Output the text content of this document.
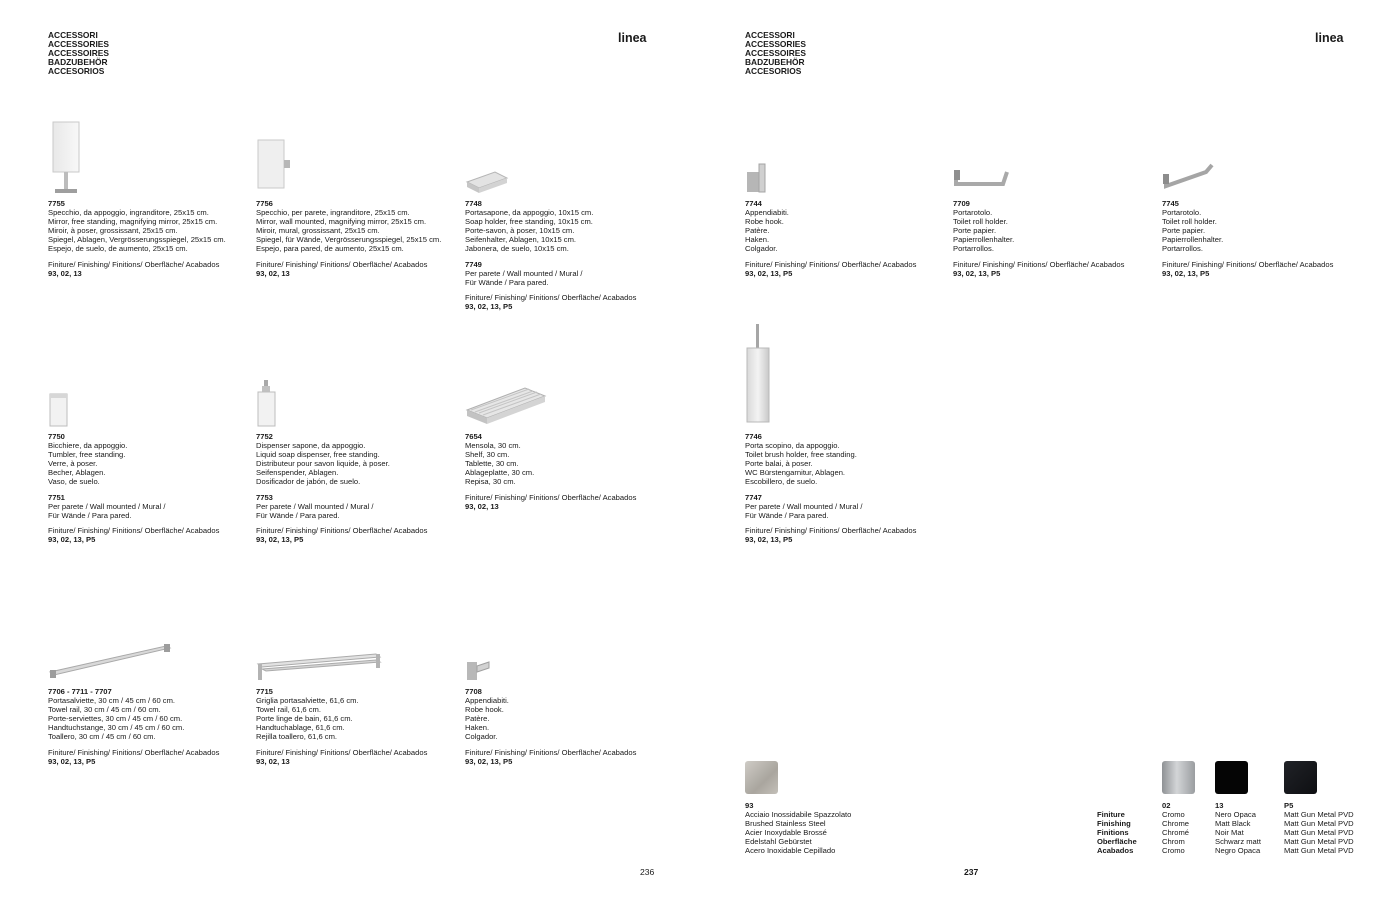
ACCESSORI
ACCESSORIES
ACCESSOIRES
BADZUBEHÖR
ACCESORIOS
linea
7755
Specchio, da appoggio, ingranditore, 25x15 cm.
Mirror, free standing, magnifying mirror, 25x15 cm.
Miroir, à poser, grossissant, 25x15 cm.
Spiegel, Ablagen, Vergrösserungsspiegel, 25x15 cm.
Espejo, de suelo, de aumento, 25x15 cm.
Finiture/ Finishing/ Finitions/ Oberfläche/ Acabados
93, 02, 13
7756
Specchio, per parete, ingranditore, 25x15 cm.
Mirror, wall mounted, magnifying mirror, 25x15 cm.
Miroir, mural, grossissant, 25x15 cm.
Spiegel, für Wände, Vergrösserungsspiegel, 25x15 cm.
Espejo, para pared, de aumento, 25x15 cm.
Finiture/ Finishing/ Finitions/ Oberfläche/ Acabados
93, 02, 13
7748
Portasapone, da appoggio, 10x15 cm.
Soap holder, free standing, 10x15 cm.
Porte-savon, à poser, 10x15 cm.
Seifenhalter, Ablagen, 10x15 cm.
Jabonera, de suelo, 10x15 cm.
7749
Per parete / Wall mounted / Mural /
Für Wände / Para pared.
Finiture/ Finishing/ Finitions/ Oberfläche/ Acabados
93, 02, 13, P5
7750
Bicchiere, da appoggio.
Tumbler, free standing.
Verre, à poser.
Becher, Ablagen.
Vaso, de suelo.
7751
Per parete / Wall mounted / Mural /
Für Wände / Para pared.
Finiture/ Finishing/ Finitions/ Oberfläche/ Acabados
93, 02, 13, P5
7752
Dispenser sapone, da appoggio.
Liquid soap dispenser, free standing.
Distributeur pour savon liquide, à poser.
Seifenspender, Ablagen.
Dosificador de jabón, de suelo.
7753
Per parete / Wall mounted / Mural /
Für Wände / Para pared.
Finiture/ Finishing/ Finitions/ Oberfläche/ Acabados
93, 02, 13, P5
7654
Mensola, 30 cm.
Shelf, 30 cm.
Tablette, 30 cm.
Ablageplatte, 30 cm.
Repisa, 30 cm.
Finiture/ Finishing/ Finitions/ Oberfläche/ Acabados
93, 02, 13
7706 - 7711 - 7707
Portasalviette, 30 cm / 45 cm / 60 cm.
Towel rail, 30 cm / 45 cm / 60 cm.
Porte-serviettes, 30 cm / 45 cm / 60 cm.
Handtuchstange, 30 cm / 45 cm / 60 cm.
Toallero, 30 cm / 45 cm / 60 cm.
Finiture/ Finishing/ Finitions/ Oberfläche/ Acabados
93, 02, 13, P5
7715
Griglia portasalviette, 61,6 cm.
Towel rail, 61,6 cm.
Porte linge de bain, 61,6 cm.
Handtuchablage, 61,6 cm.
Rejilla toallero, 61,6 cm.
Finiture/ Finishing/ Finitions/ Oberfläche/ Acabados
93, 02, 13
7708
Appendiabiti.
Robe hook.
Patère.
Haken.
Colgador.
Finiture/ Finishing/ Finitions/ Oberfläche/ Acabados
93, 02, 13, P5
236
ACCESSORI
ACCESSORIES
ACCESSOIRES
BADZUBEHÖR
ACCESORIOS
linea
7744
Appendiabiti.
Robe hook.
Patère.
Haken.
Colgador.
Finiture/ Finishing/ Finitions/ Oberfläche/ Acabados
93, 02, 13, P5
7709
Portarotolo.
Toilet roll holder.
Porte papier.
Papierrollenhalter.
Portarrollos.
Finiture/ Finishing/ Finitions/ Oberfläche/ Acabados
93, 02, 13, P5
7745
Portarotolo.
Toilet roll holder.
Porte papier.
Papierrollenhalter.
Portarrollos.
Finiture/ Finishing/ Finitions/ Oberfläche/ Acabados
93, 02, 13, P5
7746
Porta scopino, da appoggio.
Toilet brush holder, free standing.
Porte balai, à poser.
WC Bürstengarnitur, Ablagen.
Escobillero, de suelo.
7747
Per parete / Wall mounted / Mural /
Für Wände / Para pared.
Finiture/ Finishing/ Finitions/ Oberfläche/ Acabados
93, 02, 13, P5
93
Acciaio Inossidabile Spazzolato
Brushed Stainless Steel
Acier Inoxydable Brossé
Edelstahl Gebürstet
Acero Inoxidable Cepillado
Finiture
Finishing
Finitions
Oberfläche
Acabados
02
Cromo
Chrome
Chromé
Chrom
Cromo
13
Nero Opaca
Matt Black
Noir Mat
Schwarz matt
Negro Opaca
P5
Matt Gun Metal PVD
Matt Gun Metal PVD
Matt Gun Metal PVD
Matt Gun Metal PVD
Matt Gun Metal PVD
237
